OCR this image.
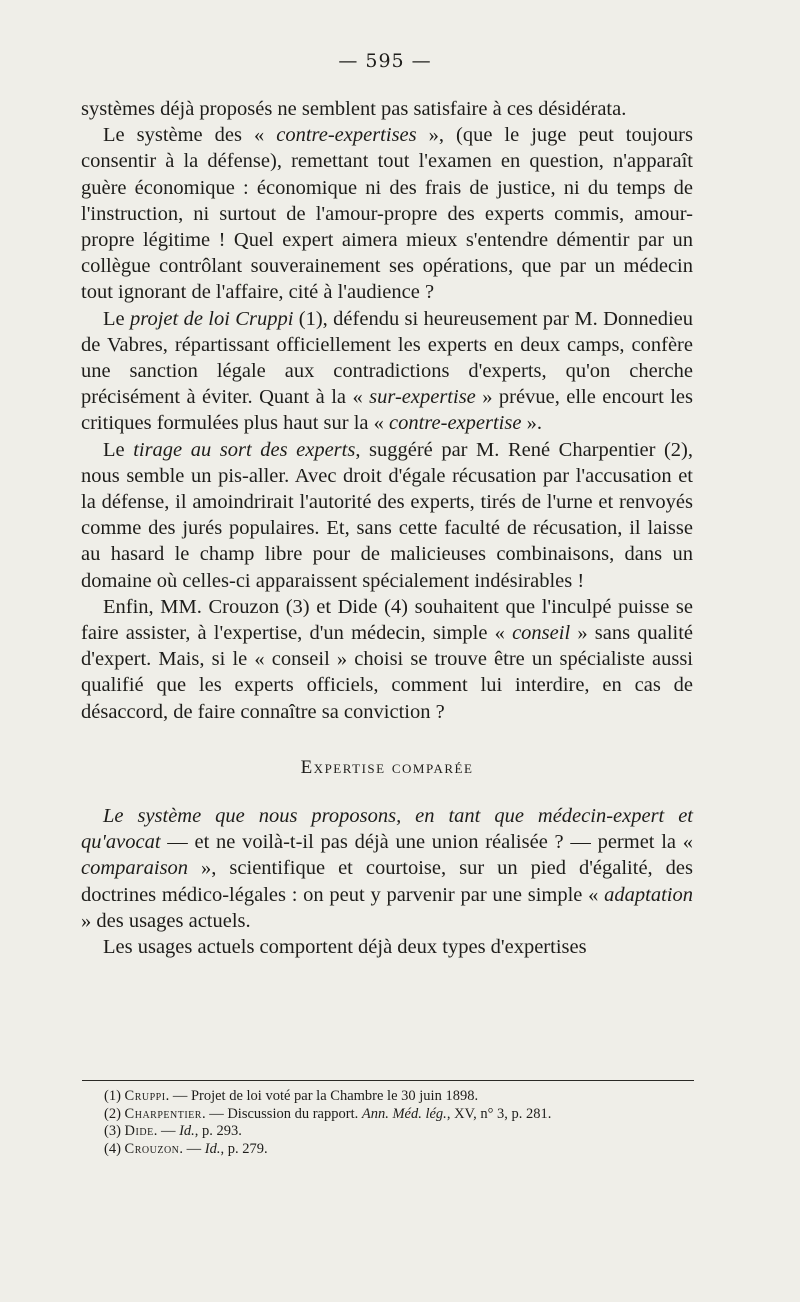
— 595 —

systèmes déjà proposés ne semblent pas satisfaire à ces désidérata.

Le système des « contre-expertises », (que le juge peut toujours consentir à la défense), remettant tout l'examen en question, n'apparaît guère économique : économique ni des frais de justice, ni du temps de l'instruction, ni surtout de l'amour-propre des experts commis, amour-propre légitime ! Quel expert aimera mieux s'entendre démentir par un collègue contrôlant souverainement ses opérations, que par un médecin tout ignorant de l'affaire, cité à l'audience ?

Le projet de loi Cruppi (1), défendu si heureusement par M. Donnedieu de Vabres, répartissant officiellement les experts en deux camps, confère une sanction légale aux contradictions d'experts, qu'on cherche précisément à éviter. Quant à la « sur-expertise » prévue, elle encourt les critiques formulées plus haut sur la « contre-expertise ».

Le tirage au sort des experts, suggéré par M. René Charpentier (2), nous semble un pis-aller. Avec droit d'égale récusation par l'accusation et la défense, il amoindrirait l'autorité des experts, tirés de l'urne et renvoyés comme des jurés populaires. Et, sans cette faculté de récusation, il laisse au hasard le champ libre pour de malicieuses combinaisons, dans un domaine où celles-ci apparaissent spécialement indésirables !

Enfin, MM. Crouzon (3) et Dide (4) souhaitent que l'inculpé puisse se faire assister, à l'expertise, d'un médecin, simple « conseil » sans qualité d'expert. Mais, si le « conseil » choisi se trouve être un spécialiste aussi qualifié que les experts officiels, comment lui interdire, en cas de désaccord, de faire connaître sa conviction ?

Expertise comparée

Le système que nous proposons, en tant que médecin-expert et qu'avocat — et ne voilà-t-il pas déjà une union réalisée ? — permet la « comparaison », scientifique et courtoise, sur un pied d'égalité, des doctrines médico-légales : on peut y parvenir par une simple « adaptation » des usages actuels.

Les usages actuels comportent déjà deux types d'expertises

(1) Cruppi. — Projet de loi voté par la Chambre le 30 juin 1898.

(2) Charpentier. — Discussion du rapport. Ann. Méd. lég., XV, n° 3, p. 281.

(3) Dide. — Id., p. 293.

(4) Crouzon. — Id., p. 279.
